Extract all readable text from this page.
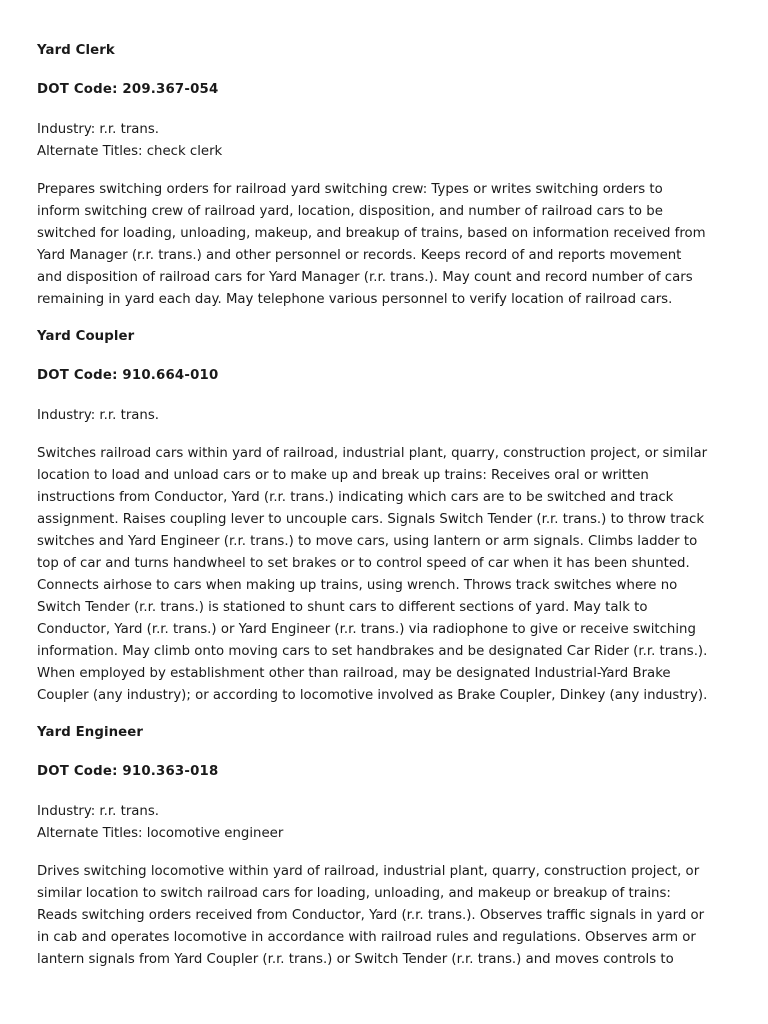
Yard Clerk
DOT Code: 209.367-054
Industry: r.r. trans.
Alternate Titles: check clerk
Prepares switching orders for railroad yard switching crew: Types or writes switching orders to
inform switching crew of railroad yard, location, disposition, and number of railroad cars to be
switched for loading, unloading, makeup, and breakup of trains, based on information received from
Yard Manager (r.r. trans.) and other personnel or records. Keeps record of and reports movement
and disposition of railroad cars for Yard Manager (r.r. trans.). May count and record number of cars
remaining in yard each day. May telephone various personnel to verify location of railroad cars.
Yard Coupler
DOT Code: 910.664-010
Industry: r.r. trans.
Switches railroad cars within yard of railroad, industrial plant, quarry, construction project, or similar
location to load and unload cars or to make up and break up trains: Receives oral or written
instructions from Conductor, Yard (r.r. trans.) indicating which cars are to be switched and track
assignment. Raises coupling lever to uncouple cars. Signals Switch Tender (r.r. trans.) to throw track
switches and Yard Engineer (r.r. trans.) to move cars, using lantern or arm signals. Climbs ladder to
top of car and turns handwheel to set brakes or to control speed of car when it has been shunted.
Connects airhose to cars when making up trains, using wrench. Throws track switches where no
Switch Tender (r.r. trans.) is stationed to shunt cars to different sections of yard. May talk to
Conductor, Yard (r.r. trans.) or Yard Engineer (r.r. trans.) via radiophone to give or receive switching
information. May climb onto moving cars to set handbrakes and be designated Car Rider (r.r. trans.).
When employed by establishment other than railroad, may be designated Industrial-Yard Brake
Coupler (any industry); or according to locomotive involved as Brake Coupler, Dinkey (any industry).
Yard Engineer
DOT Code: 910.363-018
Industry: r.r. trans.
Alternate Titles: locomotive engineer
Drives switching locomotive within yard of railroad, industrial plant, quarry, construction project, or
similar location to switch railroad cars for loading, unloading, and makeup or breakup of trains:
Reads switching orders received from Conductor, Yard (r.r. trans.). Observes traffic signals in yard or
in cab and operates locomotive in accordance with railroad rules and regulations. Observes arm or
lantern signals from Yard Coupler (r.r. trans.) or Switch Tender (r.r. trans.) and moves controls to
